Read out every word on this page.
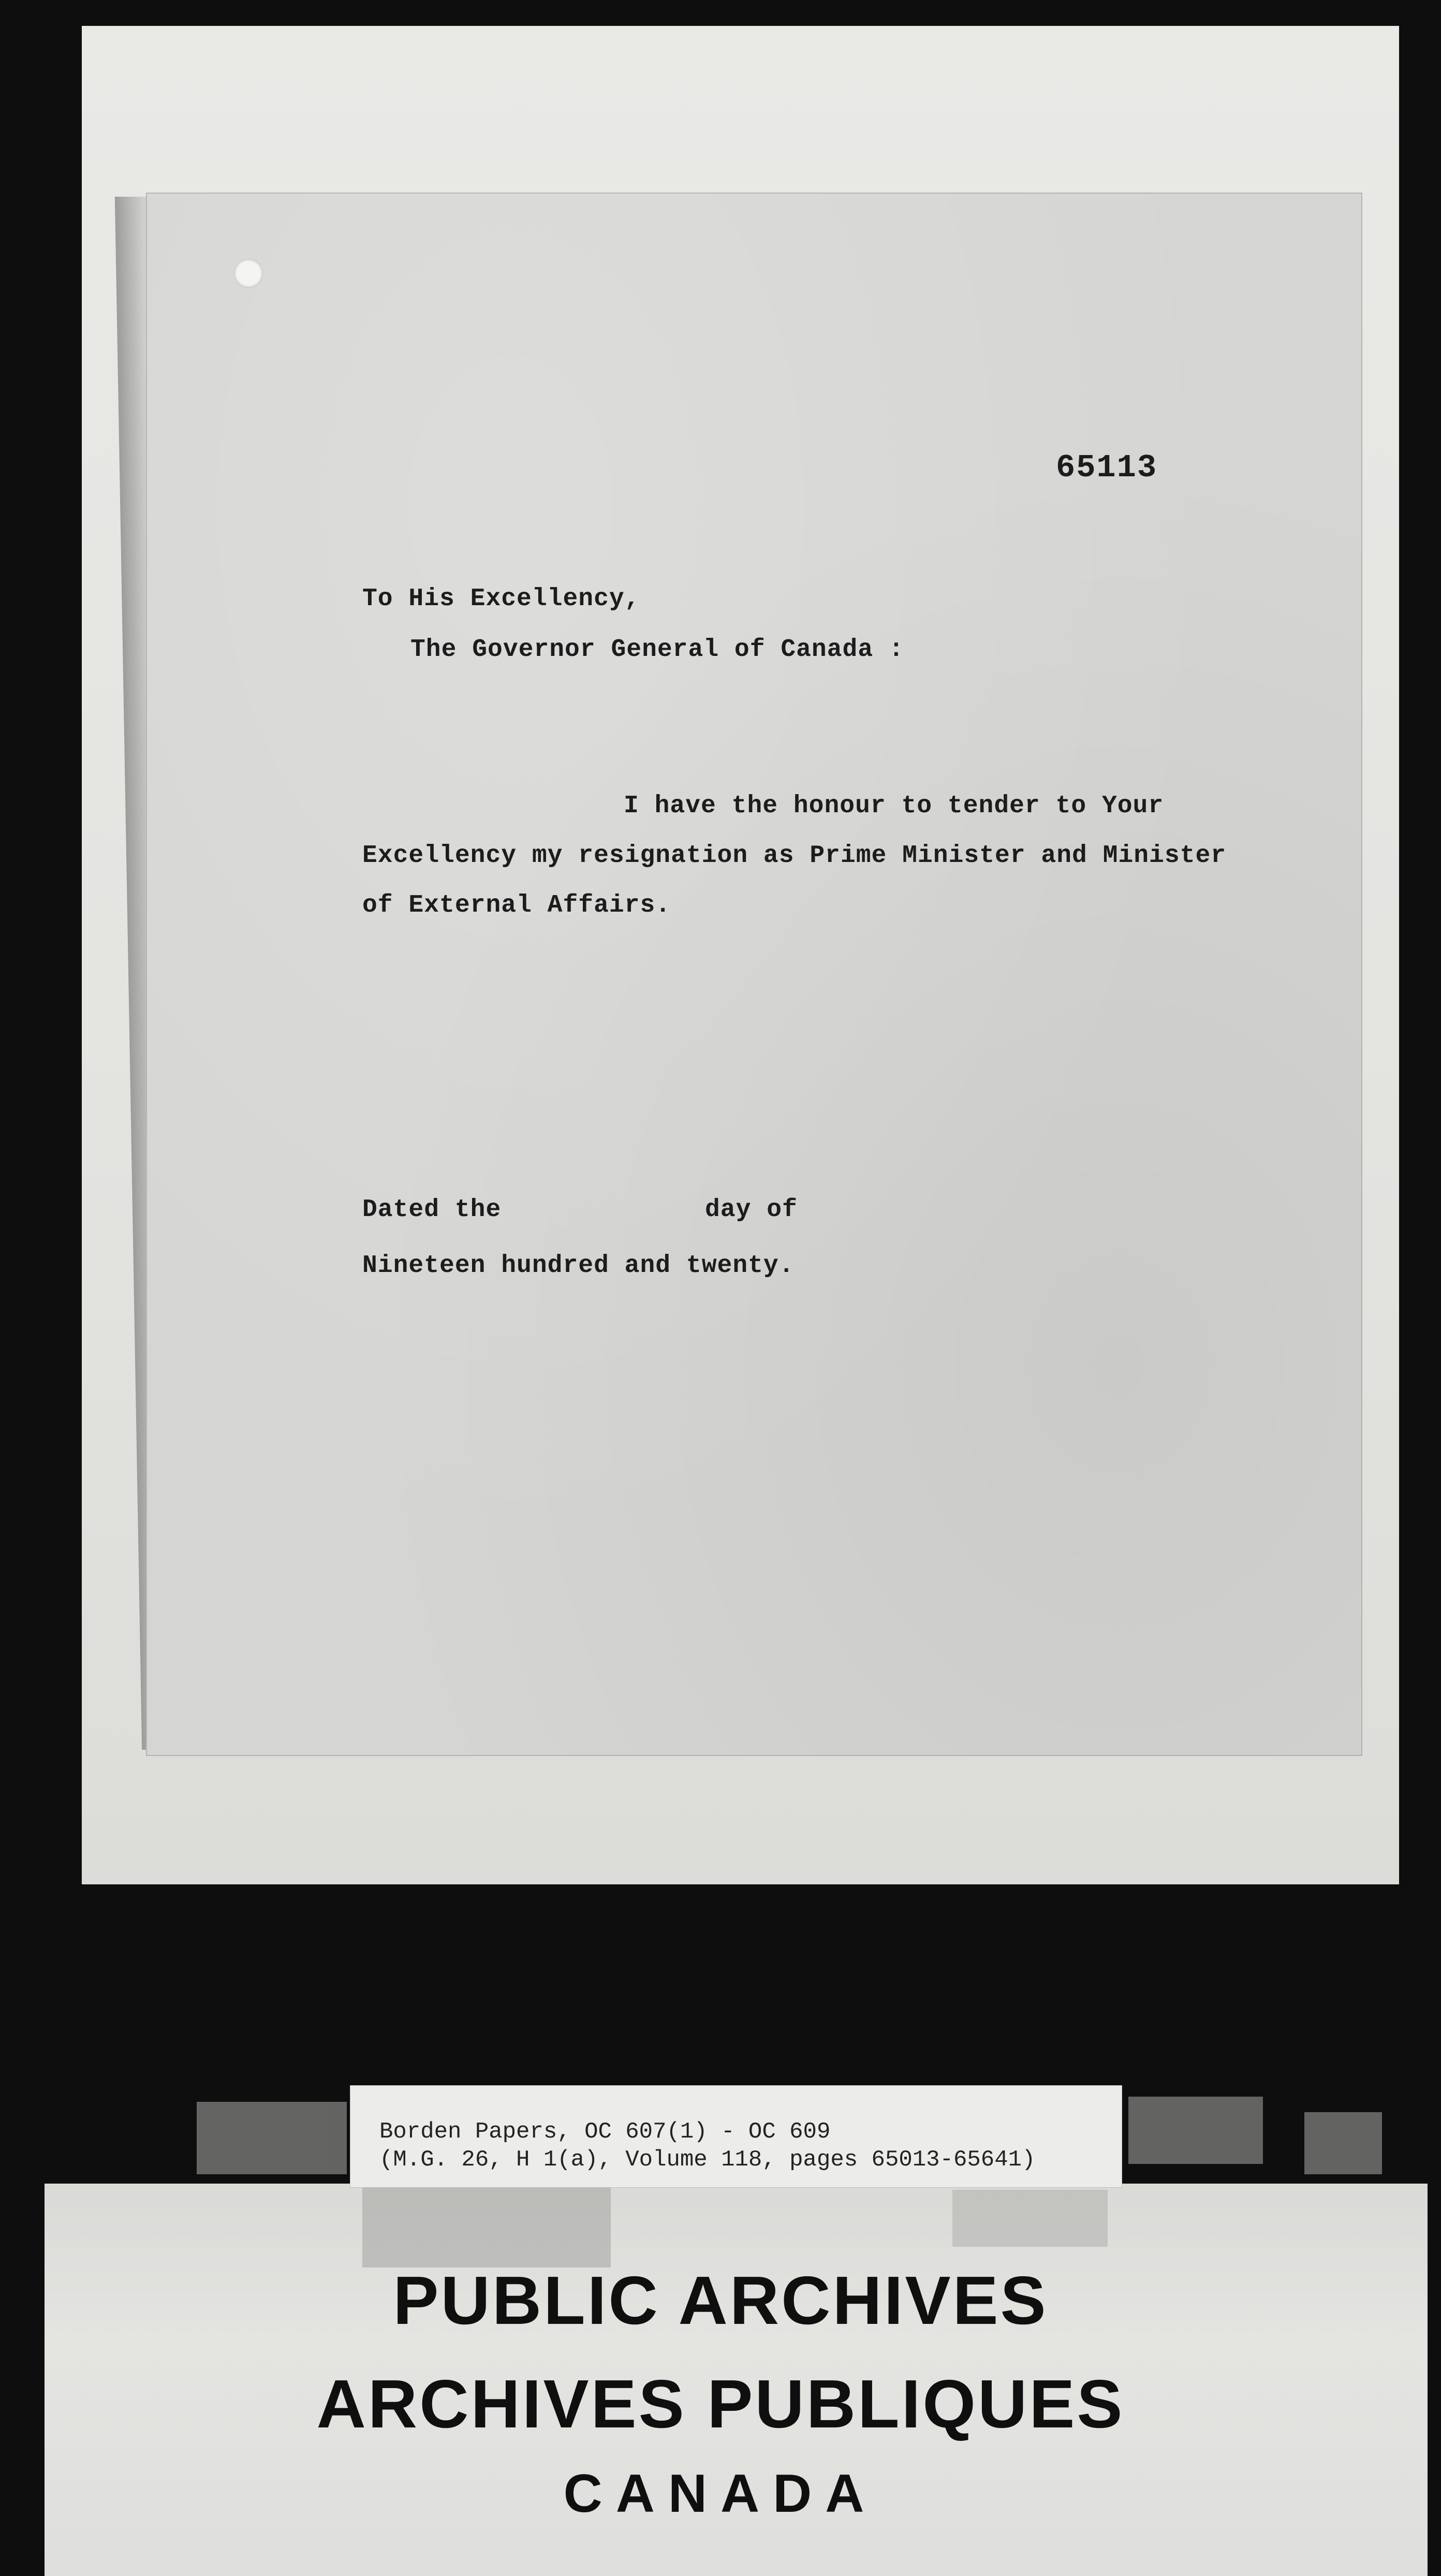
65113
To His Excellency,
The Governor General of Canada :
I have the honour to tender to Your
Excellency my resignation as Prime Minister and Minister
of External Affairs.
Dated the	day of
Nineteen hundred and twenty.
Borden Papers, OC 607(1) - OC 609
(M.G. 26, H 1(a), Volume 118, pages 65013-65641)
PUBLIC ARCHIVES
ARCHIVES PUBLIQUES
CANADA
